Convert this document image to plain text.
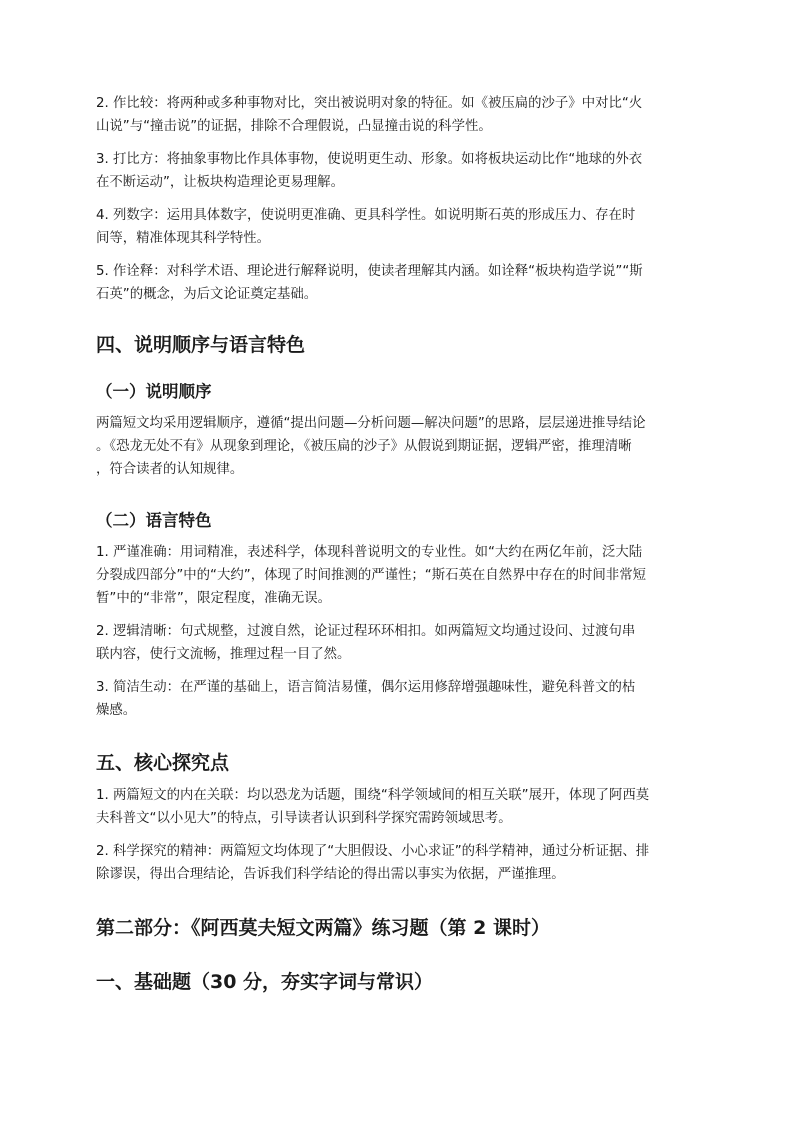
2. 作比较：将两种或多种事物对比，突出被说明对象的特征。如《被压扁的沙子》中对比“火
山说”与“撞击说”的证据，排除不合理假说，凸显撞击说的科学性。

3. 打比方：将抽象事物比作具体事物，使说明更生动、形象。如将板块运动比作“地球的外衣
在不断运动”，让板块构造理论更易理解。

4. 列数字：运用具体数字，使说明更准确、更具科学性。如说明斯石英的形成压力、存在时
间等，精准体现其科学特性。

5. 作诠释：对科学术语、理论进行解释说明，使读者理解其内涵。如诠释“板块构造学说”“斯
石英”的概念，为后文论证奠定基础。

四、说明顺序与语言特色
（一）说明顺序

两篇短文均采用逻辑顺序，遵循“提出问题—分析问题—解决问题”的思路，层层递进推导结论
。《恐龙无处不有》从现象到理论，《被压扁的沙子》从假说到期证据，逻辑严密，推理清晰
，符合读者的认知规律。

（二）语言特色

1. 严谨准确：用词精准，表述科学，体现科普说明文的专业性。如“大约在两亿年前，泛大陆
分裂成四部分”中的“大约”，体现了时间推测的严谨性；“斯石英在自然界中存在的时间非常短
暂”中的“非常”，限定程度，准确无误。

2. 逻辑清晰：句式规整，过渡自然，论证过程环环相扣。如两篇短文均通过设问、过渡句串
联内容，使行文流畅，推理过程一目了然。

3. 简洁生动：在严谨的基础上，语言简洁易懂，偶尔运用修辞增强趣味性，避免科普文的枯
燥感。

五、核心探究点

1. 两篇短文的内在关联：均以恐龙为话题，围绕“科学领域间的相互关联”展开，体现了阿西莫
夫科普文“以小见大”的特点，引导读者认识到科学探究需跨领域思考。

2. 科学探究的精神：两篇短文均体现了“大胆假设、小心求证”的科学精神，通过分析证据、排
除谬误，得出合理结论，告诉我们科学结论的得出需以事实为依据，严谨推理。

第二部分：《阿西莫夫短文两篇》练习题（第 2 课时）
一、基础题（30 分，夯实字词与常识）
